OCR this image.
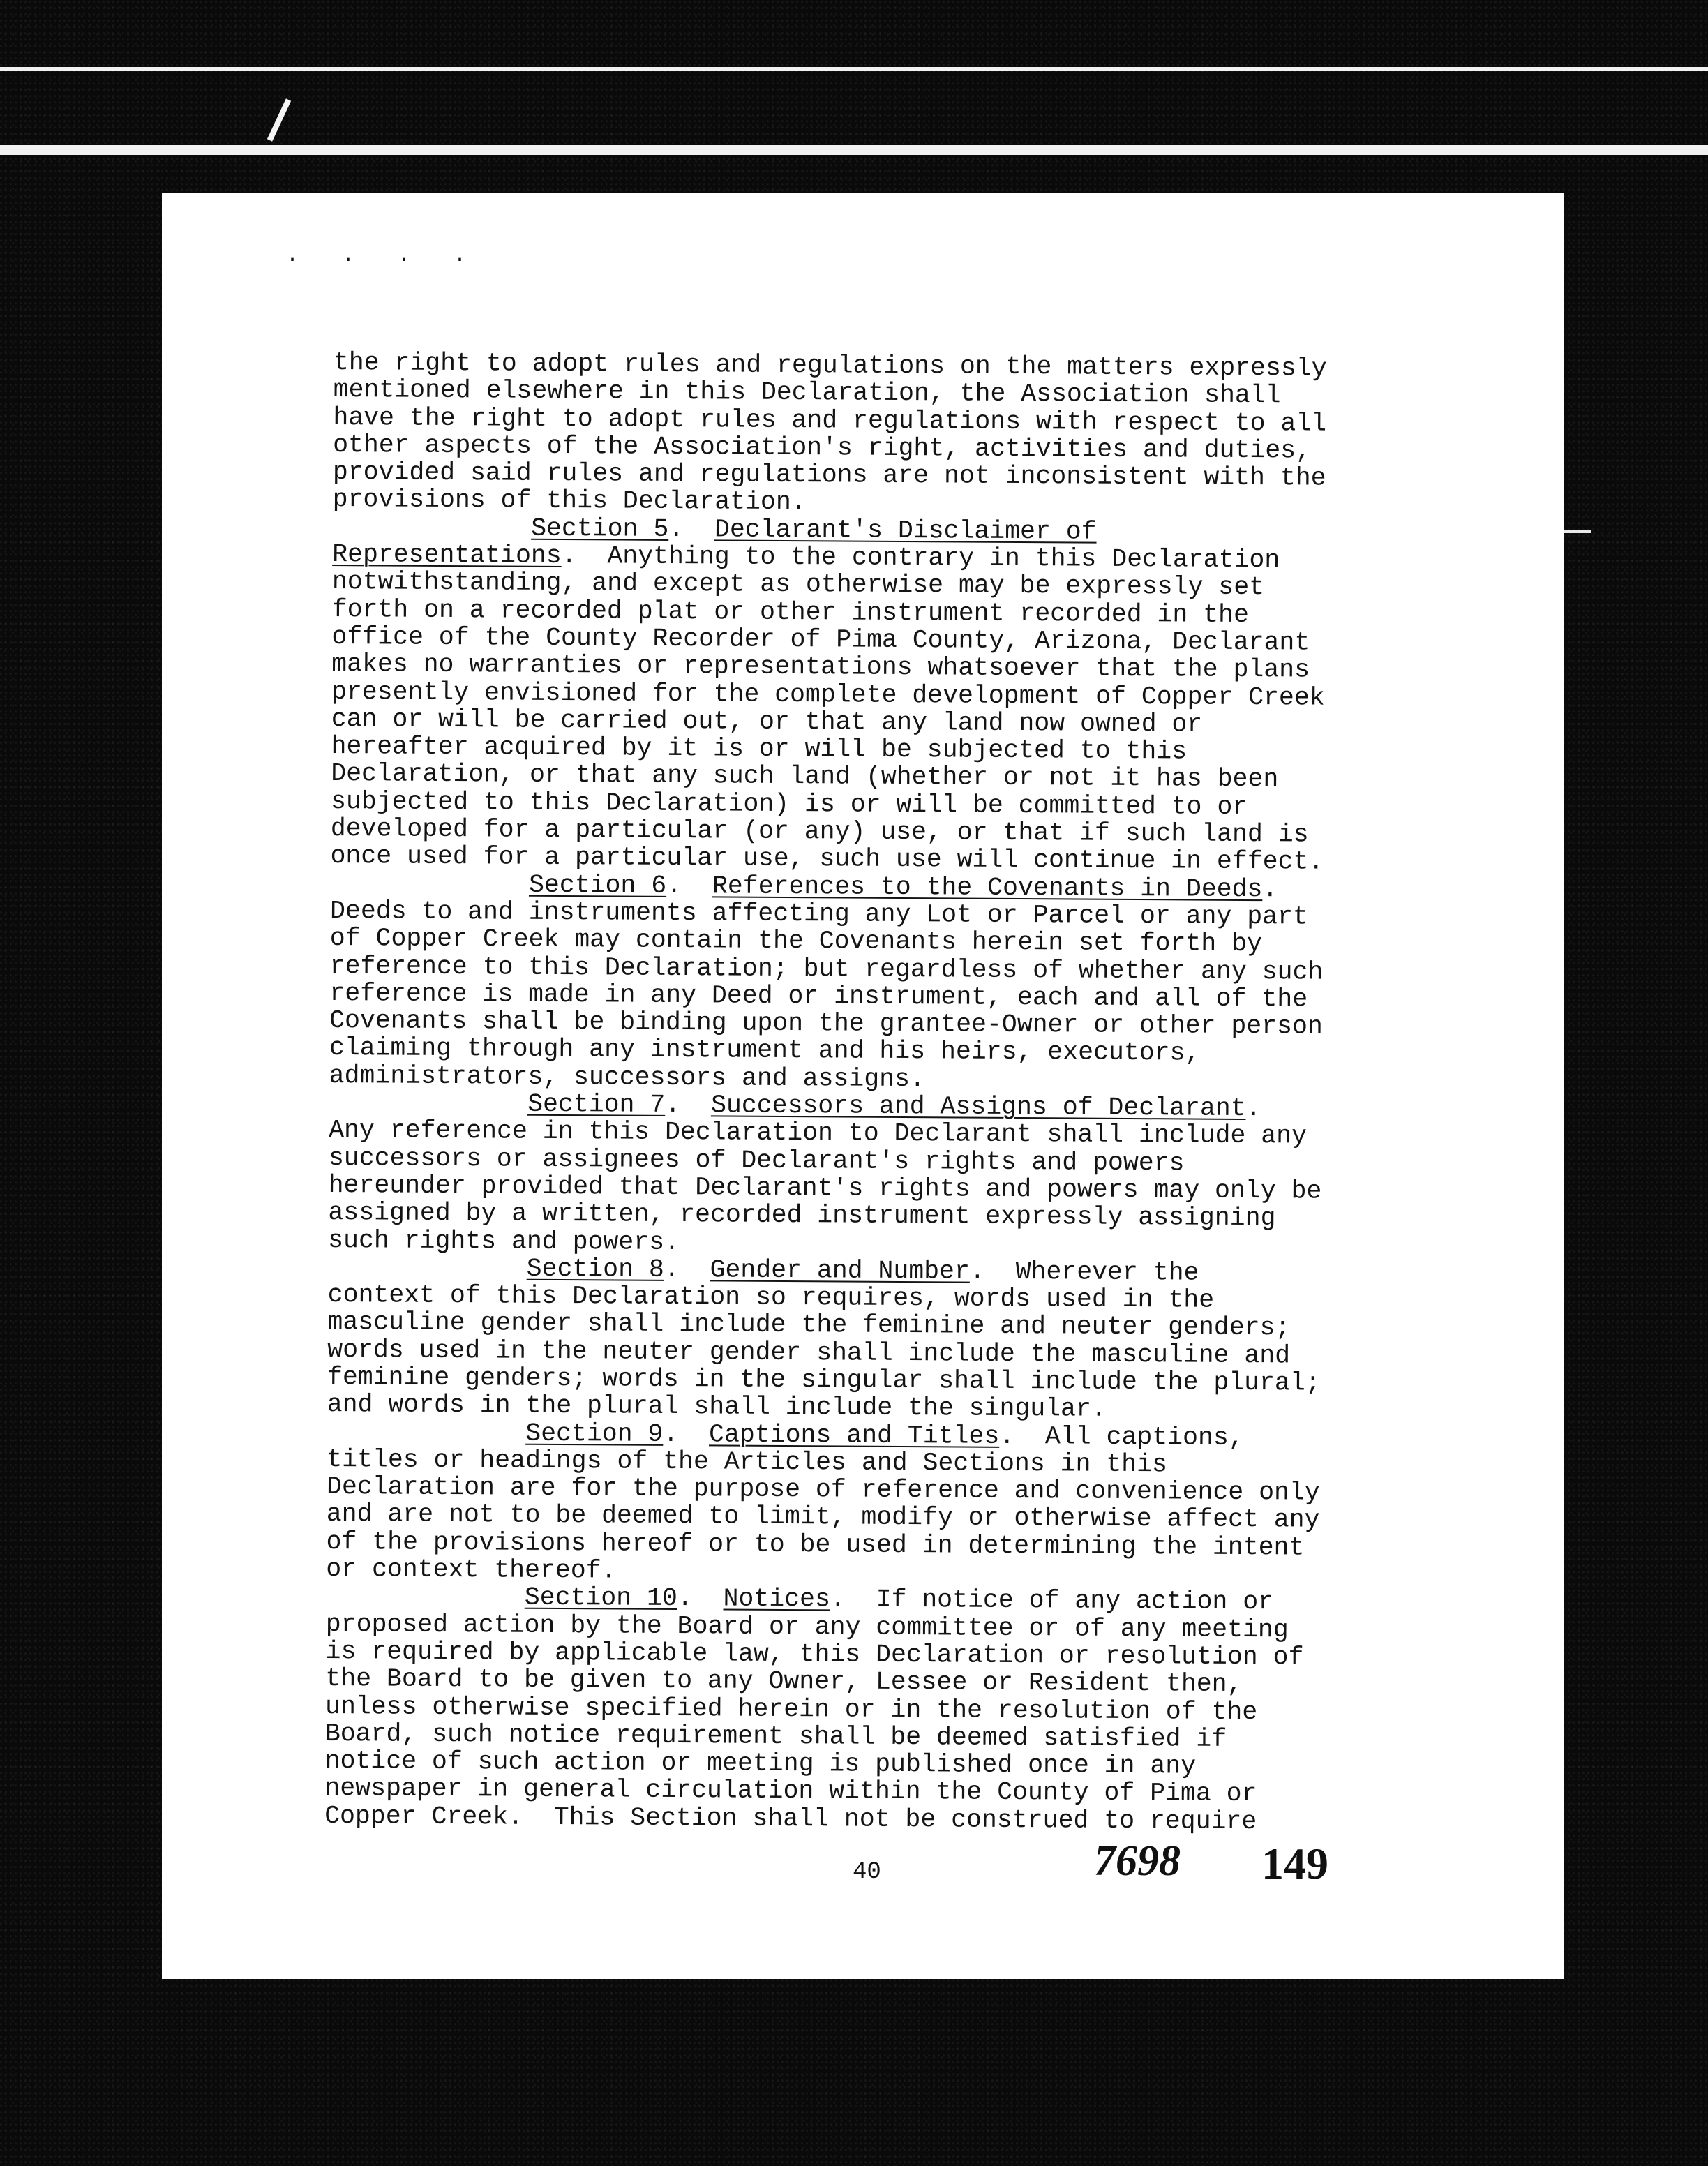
. . . .
the right to adopt rules and regulations on the matters expressly
mentioned elsewhere in this Declaration, the Association shall
have the right to adopt rules and regulations with respect to all
other aspects of the Association's right, activities and duties,
provided said rules and regulations are not inconsistent with the
provisions of this Declaration.
Section 5.  Declarant's Disclaimer of
Representations.  Anything to the contrary in this Declaration
notwithstanding, and except as otherwise may be expressly set
forth on a recorded plat or other instrument recorded in the
office of the County Recorder of Pima County, Arizona, Declarant
makes no warranties or representations whatsoever that the plans
presently envisioned for the complete development of Copper Creek
can or will be carried out, or that any land now owned or
hereafter acquired by it is or will be subjected to this
Declaration, or that any such land (whether or not it has been
subjected to this Declaration) is or will be committed to or
developed for a particular (or any) use, or that if such land is
once used for a particular use, such use will continue in effect.
Section 6.  References to the Covenants in Deeds.
Deeds to and instruments affecting any Lot or Parcel or any part
of Copper Creek may contain the Covenants herein set forth by
reference to this Declaration; but regardless of whether any such
reference is made in any Deed or instrument, each and all of the
Covenants shall be binding upon the grantee-Owner or other person
claiming through any instrument and his heirs, executors,
administrators, successors and assigns.
Section 7.  Successors and Assigns of Declarant.
Any reference in this Declaration to Declarant shall include any
successors or assignees of Declarant's rights and powers
hereunder provided that Declarant's rights and powers may only be
assigned by a written, recorded instrument expressly assigning
such rights and powers.
Section 8.  Gender and Number.  Wherever the
context of this Declaration so requires, words used in the
masculine gender shall include the feminine and neuter genders;
words used in the neuter gender shall include the masculine and
feminine genders; words in the singular shall include the plural;
and words in the plural shall include the singular.
Section 9.  Captions and Titles.  All captions,
titles or headings of the Articles and Sections in this
Declaration are for the purpose of reference and convenience only
and are not to be deemed to limit, modify or otherwise affect any
of the provisions hereof or to be used in determining the intent
or context thereof.
Section 10.  Notices.  If notice of any action or
proposed action by the Board or any committee or of any meeting
is required by applicable law, this Declaration or resolution of
the Board to be given to any Owner, Lessee or Resident then,
unless otherwise specified herein or in the resolution of the
Board, such notice requirement shall be deemed satisfied if
notice of such action or meeting is published once in any
newspaper in general circulation within the County of Pima or
Copper Creek.  This Section shall not be construed to require
40	7698 149
